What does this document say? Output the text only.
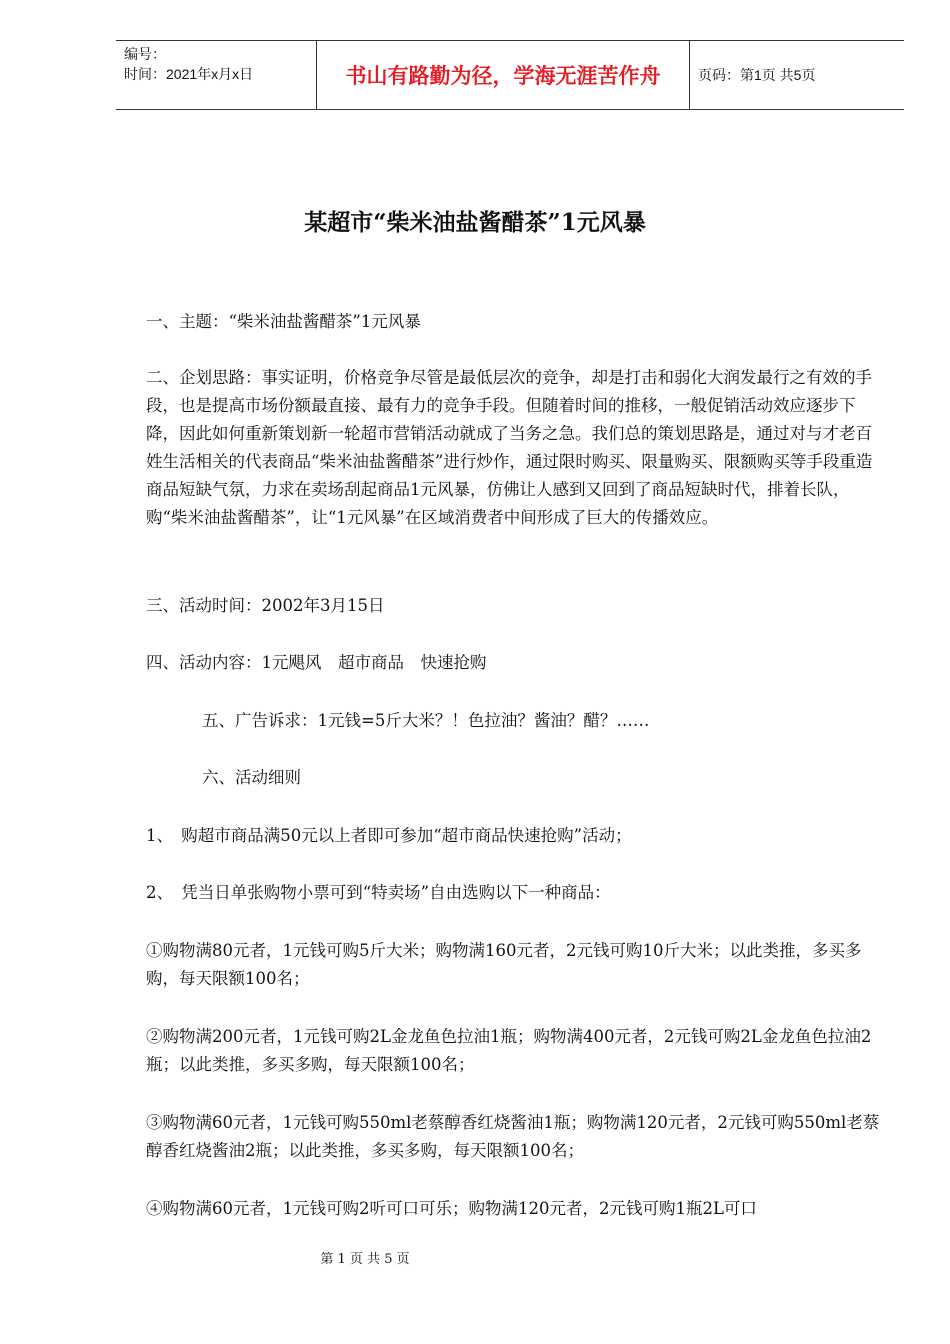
编号：
时间：2021年x月x日	书山有路勤为径，学海无涯苦作舟	页码：第1页 共5页
某超市“柴米油盐酱醋茶”1元风暴

一、主题：“柴米油盐酱醋茶”1元风暴

二、企划思路：事实证明，价格竞争尽管是最低层次的竞争，却是打击和弱化大润发最行之有效的手段，也是提高市场份额最直接、最有力的竞争手段。但随着时间的推移，一般促销活动效应逐步下降，因此如何重新策划新一轮超市营销活动就成了当务之急。我们总的策划思路是，通过对与才老百姓生活相关的代表商品“柴米油盐酱醋茶”进行炒作，通过限时购买、限量购买、限额购买等手段重造商品短缺气氛，力求在卖场刮起商品1元风暴，仿佛让人感到又回到了商品短缺时代，排着长队，购“柴米油盐酱醋茶”，让“1元风暴”在区域消费者中间形成了巨大的传播效应。

三、活动时间：2002年3月15日

四、活动内容：1元飓风　超市商品　快速抢购

五、广告诉求：1元钱=5斤大米？！色拉油？酱油？醋？……

六、活动细则

1、　购超市商品满50元以上者即可参加“超市商品快速抢购”活动；

2、　凭当日单张购物小票可到“特卖场”自由选购以下一种商品：

①购物满80元者，1元钱可购5斤大米；购物满160元者，2元钱可购10斤大米；以此类推，多买多购，每天限额100名；

②购物满200元者，1元钱可购2L金龙鱼色拉油1瓶；购物满400元者，2元钱可购2L金龙鱼色拉油2瓶；以此类推，多买多购，每天限额100名；

③购物满60元者，1元钱可购550ml老蔡醇香红烧酱油1瓶；购物满120元者，2元钱可购550ml老蔡醇香红烧酱油2瓶；以此类推，多买多购，每天限额100名；

④购物满60元者，1元钱可购2听可口可乐；购物满120元者，2元钱可购1瓶2L可口

第 1 页 共 5 页
